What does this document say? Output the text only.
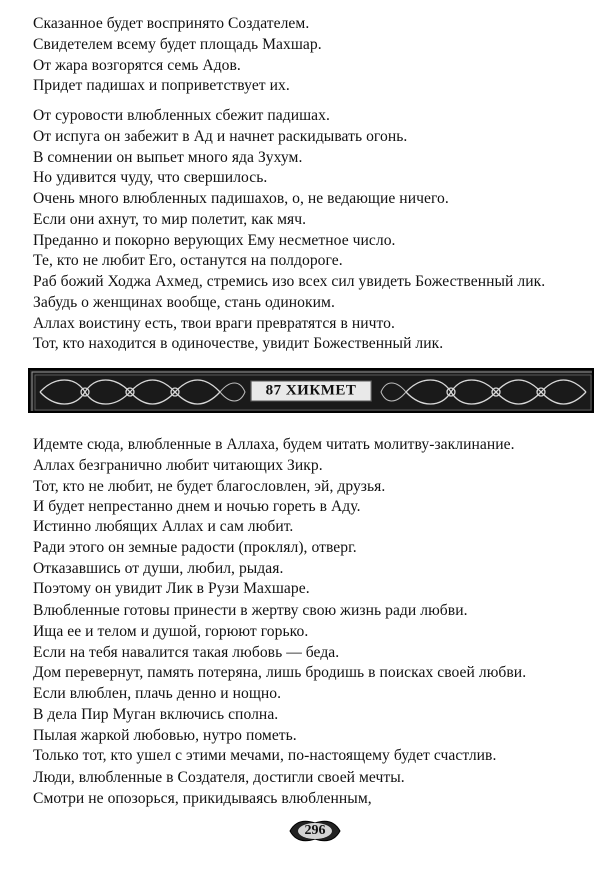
Сказанное будет воспринято Создателем.
Свидетелем всему будет площадь Махшар.
От жара возгорятся семь Адов.
Придет падишах и поприветствует их.
От суровости влюбленных сбежит падишах.
От испуга он забежит в Ад и начнет раскидывать огонь.
В сомнении он выпьет много яда Зухум.
Но удивится чуду, что свершилось.
Очень много влюбленных падишахов, о, не ведающие ничего.
Если они ахнут, то мир полетит, как мяч.
Преданно и покорно верующих Ему несметное число.
Те, кто не любит Его, останутся на полдороге.
Раб божий Ходжа Ахмед, стремись изо всех сил увидеть Божественный лик.
Забудь о женщинах вообще, стань одиноким.
Аллах воистину есть, твои враги превратятся в ничто.
Тот, кто находится в одиночестве, увидит Божественный лик.
87 ХИКМЕТ
Идемте сюда, влюбленные в Аллаха, будем читать молитву-заклинание.
Аллах безгранично любит читающих Зикр.
Тот, кто не любит, не будет благословлен, эй, друзья.
И будет непрестанно днем и ночью гореть в Аду.
Истинно любящих Аллах и сам любит.
Ради этого он земные радости (проклял), отверг.
Отказавшись от души, любил, рыдая.
Поэтому он увидит Лик в Рузи Махшаре.
Влюбленные готовы принести в жертву свою жизнь ради любви.
Ища ее и телом и душой, горюют горько.
Если на тебя навалится такая любовь — беда.
Дом перевернут, память потеряна, лишь бродишь в поисках своей любви.
Если влюблен, плачь денно и нощно.
В дела Пир Муган включись сполна.
Пылая жаркой любовью, нутро пометь.
Только тот, кто ушел с этими мечами, по-настоящему будет счастлив.
Люди, влюбленные в Создателя, достигли своей мечты.
Смотри не опозорься, прикидываясь влюбленным,
296
